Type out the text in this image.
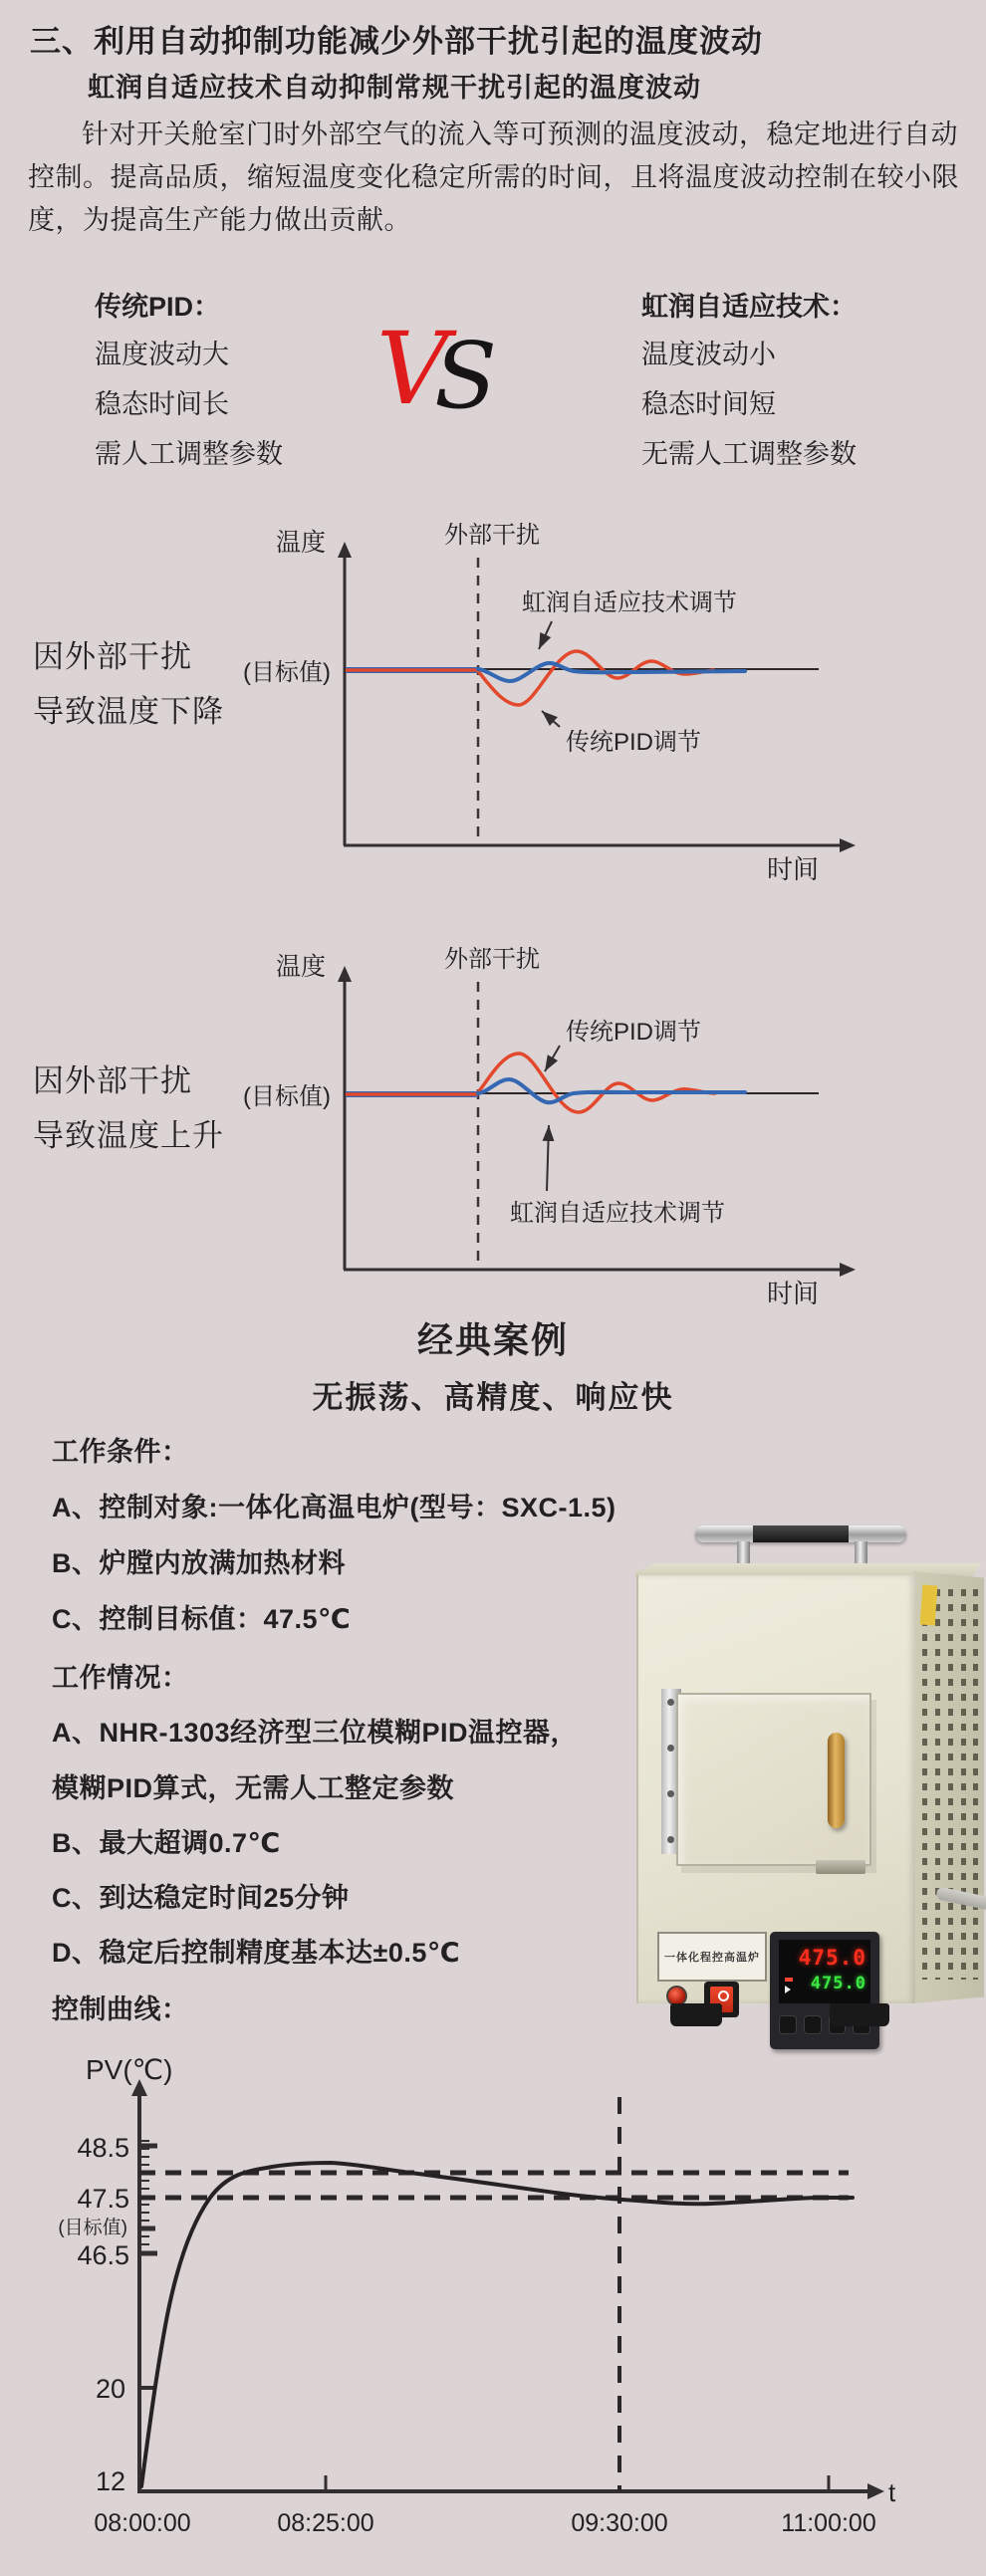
三、利用自动抑制功能减少外部干扰引起的温度波动
虹润自适应技术自动抑制常规干扰引起的温度波动
针对开关舱室门时外部空气的流入等可预测的温度波动，稳定地进行自动控制。提高品质，缩短温度变化稳定所需的时间，且将温度波动控制在较小限度，为提高生产能力做出贡献。
传统PID：
温度波动大
稳态时间长
需人工调整参数
V
S
虹润自适应技术：
温度波动小
稳态时间短
无需人工调整参数
因外部干扰
导致温度下降
温度	外部干扰
(目标值)
虹润自适应技术调节
传统PID调节
时间
因外部干扰
导致温度上升
温度	外部干扰
(目标值)
传统PID调节
虹润自适应技术调节
时间
经典案例
无振荡、高精度、响应快
工作条件：
A、控制对象:一体化高温电炉(型号：SXC-1.5)
B、炉膛内放满加热材料
C、控制目标值：47.5℃
工作情况：
A、NHR-1303经济型三位模糊PID温控器，
模糊PID算式，无需人工整定参数
B、最大超调0.7℃
C、到达稳定时间25分钟
D、稳定后控制精度基本达±0.5℃
控制曲线：
一体化程控高温炉	475.0
475.0
PV(℃)
48.5
47.5
(目标值)
46.5
20
12
08:00:00	08:25:00	09:30:00	11:00:00
t
